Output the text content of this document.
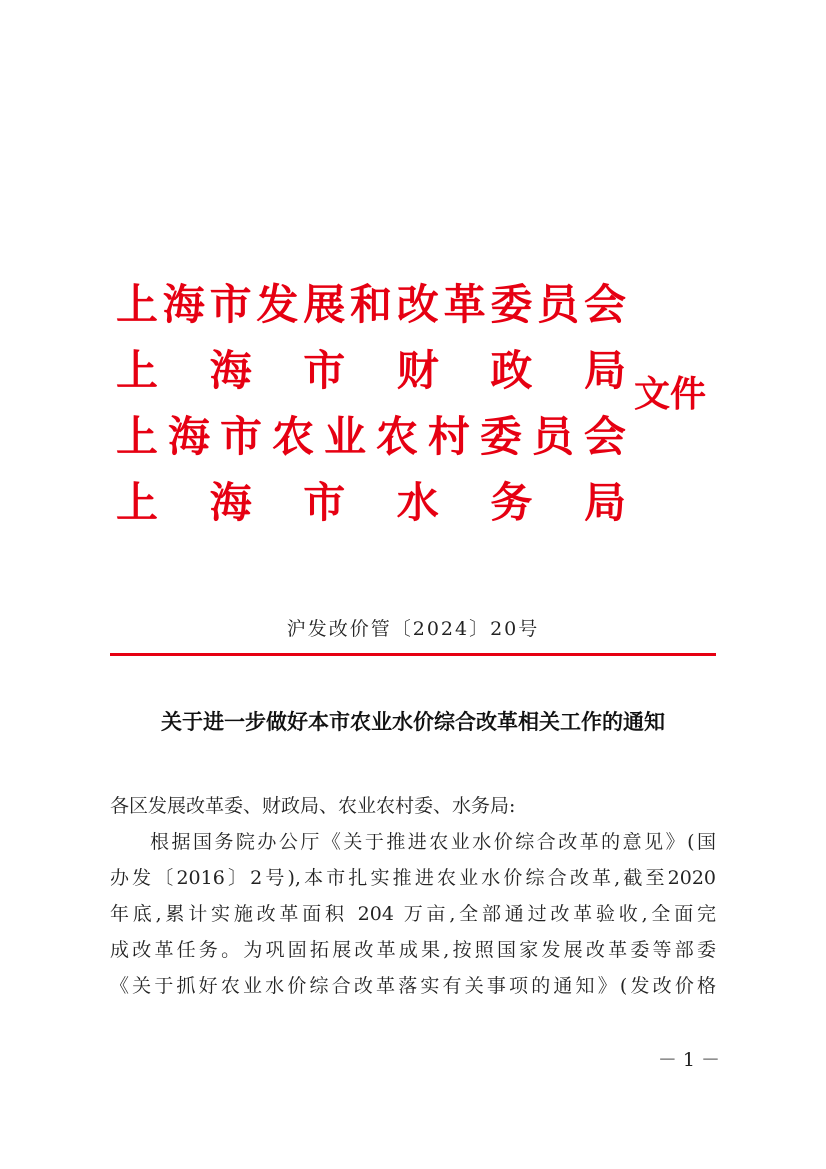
上 海 市 发 展 和 改 革 委 员 会
上 海 市 财 政 局
上 海 市 农 业 农 村 委 员 会
上 海 市 水 务 局
文件
沪发改价管〔2024〕20号
关于进一步做好本市农业水价综合改革相关工作的通知
各区发展改革委、财政局、农业农村委、水务局:
根据国务院办公厅《关于推进农业水价综合改革的意见》(国
办发〔2016〕2号),本市扎实推进农业水价综合改革,截至2020
年底,累计实施改革面积 204 万亩,全部通过改革验收,全面完
成改革任务。为巩固拓展改革成果,按照国家发展改革委等部委
《关于抓好农业水价综合改革落实有关事项的通知》(发改价格
－ 1 －
